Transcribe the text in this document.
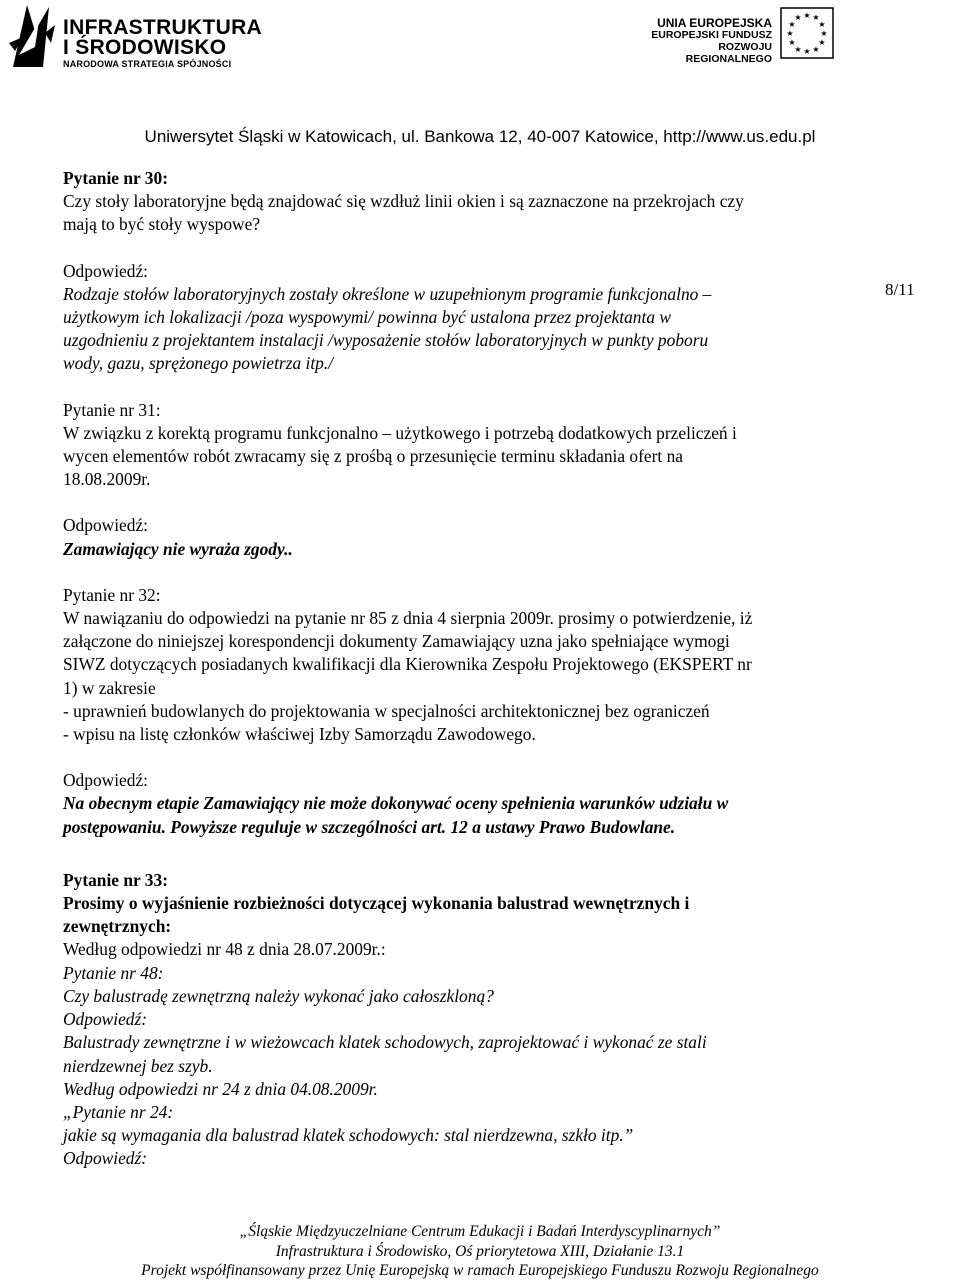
INFRASTRUKTURA
I ŚRODOWISKO
NARODOWA STRATEGIA SPÓJNOŚCI
UNIA EUROPEJSKA
EUROPEJSKI FUNDUSZ
ROZWOJU REGIONALNEGO
★ ★
★
★
★
★
★
★
★
★
★
★
Uniwersytet Śląski w Katowicach, ul. Bankowa 12, 40-007 Katowice, http://www.us.edu.pl
8/11

Pytanie nr 30:

Czy stoły laboratoryjne będą znajdować się wzdłuż linii okien i są zaznaczone na przekrojach czy

mają to być stoły wyspowe?

Odpowiedź:

Rodzaje stołów laboratoryjnych zostały określone w uzupełnionym programie funkcjonalno –

użytkowym ich lokalizacji /poza wyspowymi/ powinna być ustalona przez projektanta w

uzgodnieniu z projektantem instalacji /wyposażenie stołów laboratoryjnych w punkty poboru

wody, gazu, sprężonego powietrza itp./

Pytanie nr 31:

W związku z korektą programu funkcjonalno – użytkowego i potrzebą dodatkowych przeliczeń i

wycen elementów robót zwracamy się z prośbą o przesunięcie terminu składania ofert na

18.08.2009r.

Odpowiedź:

Zamawiający nie wyraża zgody..

Pytanie nr 32:

W nawiązaniu do odpowiedzi na pytanie nr 85 z dnia 4 sierpnia 2009r. prosimy o potwierdzenie, iż

załączone do niniejszej korespondencji dokumenty Zamawiający uzna jako spełniające wymogi

SIWZ dotyczących posiadanych kwalifikacji dla Kierownika Zespołu Projektowego (EKSPERT nr

1) w zakresie

- uprawnień budowlanych do projektowania w specjalności architektonicznej bez ograniczeń

- wpisu na listę członków właściwej Izby Samorządu Zawodowego.

Odpowiedź:

Na obecnym etapie Zamawiający nie może dokonywać oceny spełnienia warunków udziału w

postępowaniu. Powyższe reguluje w szczególności art. 12 a ustawy Prawo Budowlane.

Pytanie nr 33:

Prosimy o wyjaśnienie rozbieżności dotyczącej wykonania balustrad wewnętrznych i

zewnętrznych:

Według odpowiedzi nr 48 z dnia 28.07.2009r.:

Pytanie nr 48:

Czy balustradę zewnętrzną należy wykonać jako całoszkloną?

Odpowiedź:

Balustrady zewnętrzne i w wieżowcach klatek schodowych, zaprojektować i wykonać ze stali

nierdzewnej bez szyb.

Według odpowiedzi nr 24 z dnia 04.08.2009r.

„Pytanie nr 24:

jakie są wymagania dla balustrad klatek schodowych: stal nierdzewna, szkło itp.”

Odpowiedź:

„Śląskie Międzyuczelniane Centrum Edukacji i Badań Interdyscyplinarnych”
Infrastruktura i Środowisko, Oś priorytetowa XIII, Działanie 13.1
Projekt współfinansowany przez Unię Europejską w ramach Europejskiego Funduszu Rozwoju Regionalnego
